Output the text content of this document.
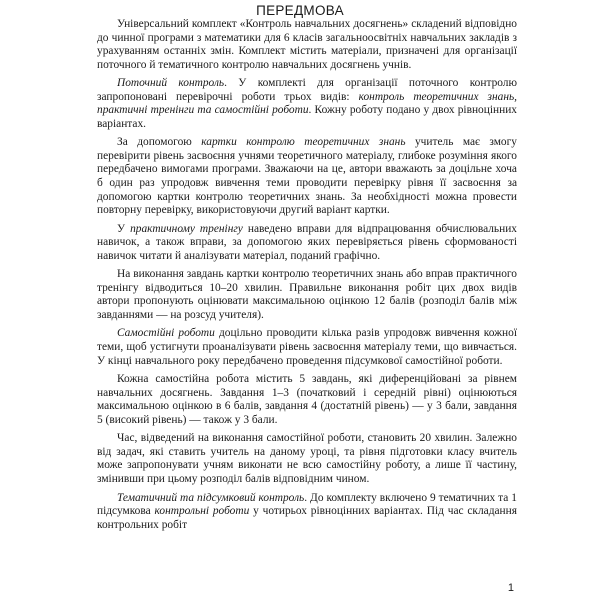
ПЕРЕДМОВА

Універсальний комплект «Контроль навчальних досягнень» складений відповідно до чинної програми з математики для 6 класів загальноосвітніх навчальних закладів з урахуванням останніх змін. Комплект містить матеріали, призначені для організації поточного й тематичного контролю навчальних досягнень учнів.

Поточний контроль. У комплекті для організації поточного контролю запропоновані перевірочні роботи трьох видів: контроль теоретичних знань, практичні тренінги та самостійні роботи. Кожну роботу подано у двох рівноцінних варіантах.

За допомогою картки контролю теоретичних знань учитель має змогу перевірити рівень засвоєння учнями теоретичного матеріалу, глибоке розуміння якого передбачено вимогами програми. Зважаючи на це, автори вважають за доцільне хоча б один раз упродовж вивчення теми проводити перевірку рівня її засвоєння за допомогою картки контролю теоретичних знань. За необхідності можна провести повторну перевірку, використовуючи другий варіант картки.

У практичному тренінгу наведено вправи для відпрацювання обчислювальних навичок, а також вправи, за допомогою яких перевіряється рівень сформованості навичок читати й аналізувати матеріал, поданий графічно.

На виконання завдань картки контролю теоретичних знань або вправ практичного тренінгу відводиться 10–20 хвилин. Правильне виконання робіт цих двох видів автори пропонують оцінювати максимальною оцінкою 12 балів (розподіл балів між завданнями — на розсуд учителя).

Самостійні роботи доцільно проводити кілька разів упродовж вивчення кожної теми, щоб устигнути проаналізувати рівень засвоєння матеріалу теми, що вивчається. У кінці навчального року передбачено проведення підсумкової самостійної роботи.

Кожна самостійна робота містить 5 завдань, які диференційовані за рівнем навчальних досягнень. Завдання 1–3 (початковий і середній рівні) оцінюються максимальною оцінкою в 6 балів, завдання 4 (достатній рівень) — у 3 бали, завдання 5 (високий рівень) — також у 3 бали.

Час, відведений на виконання самостійної роботи, становить 20 хвилин. Залежно від задач, які ставить учитель на даному уроці, та рівня підготовки класу вчитель може запропонувати учням виконати не всю самостійну роботу, а лише її частину, змінивши при цьому розподіл балів відповідним чином.

Тематичний та підсумковий контроль. До комплекту включено 9 тематичних та 1 підсумкова контрольні роботи у чотирьох рівноцінних варіантах. Під час складання контрольних робіт

1
